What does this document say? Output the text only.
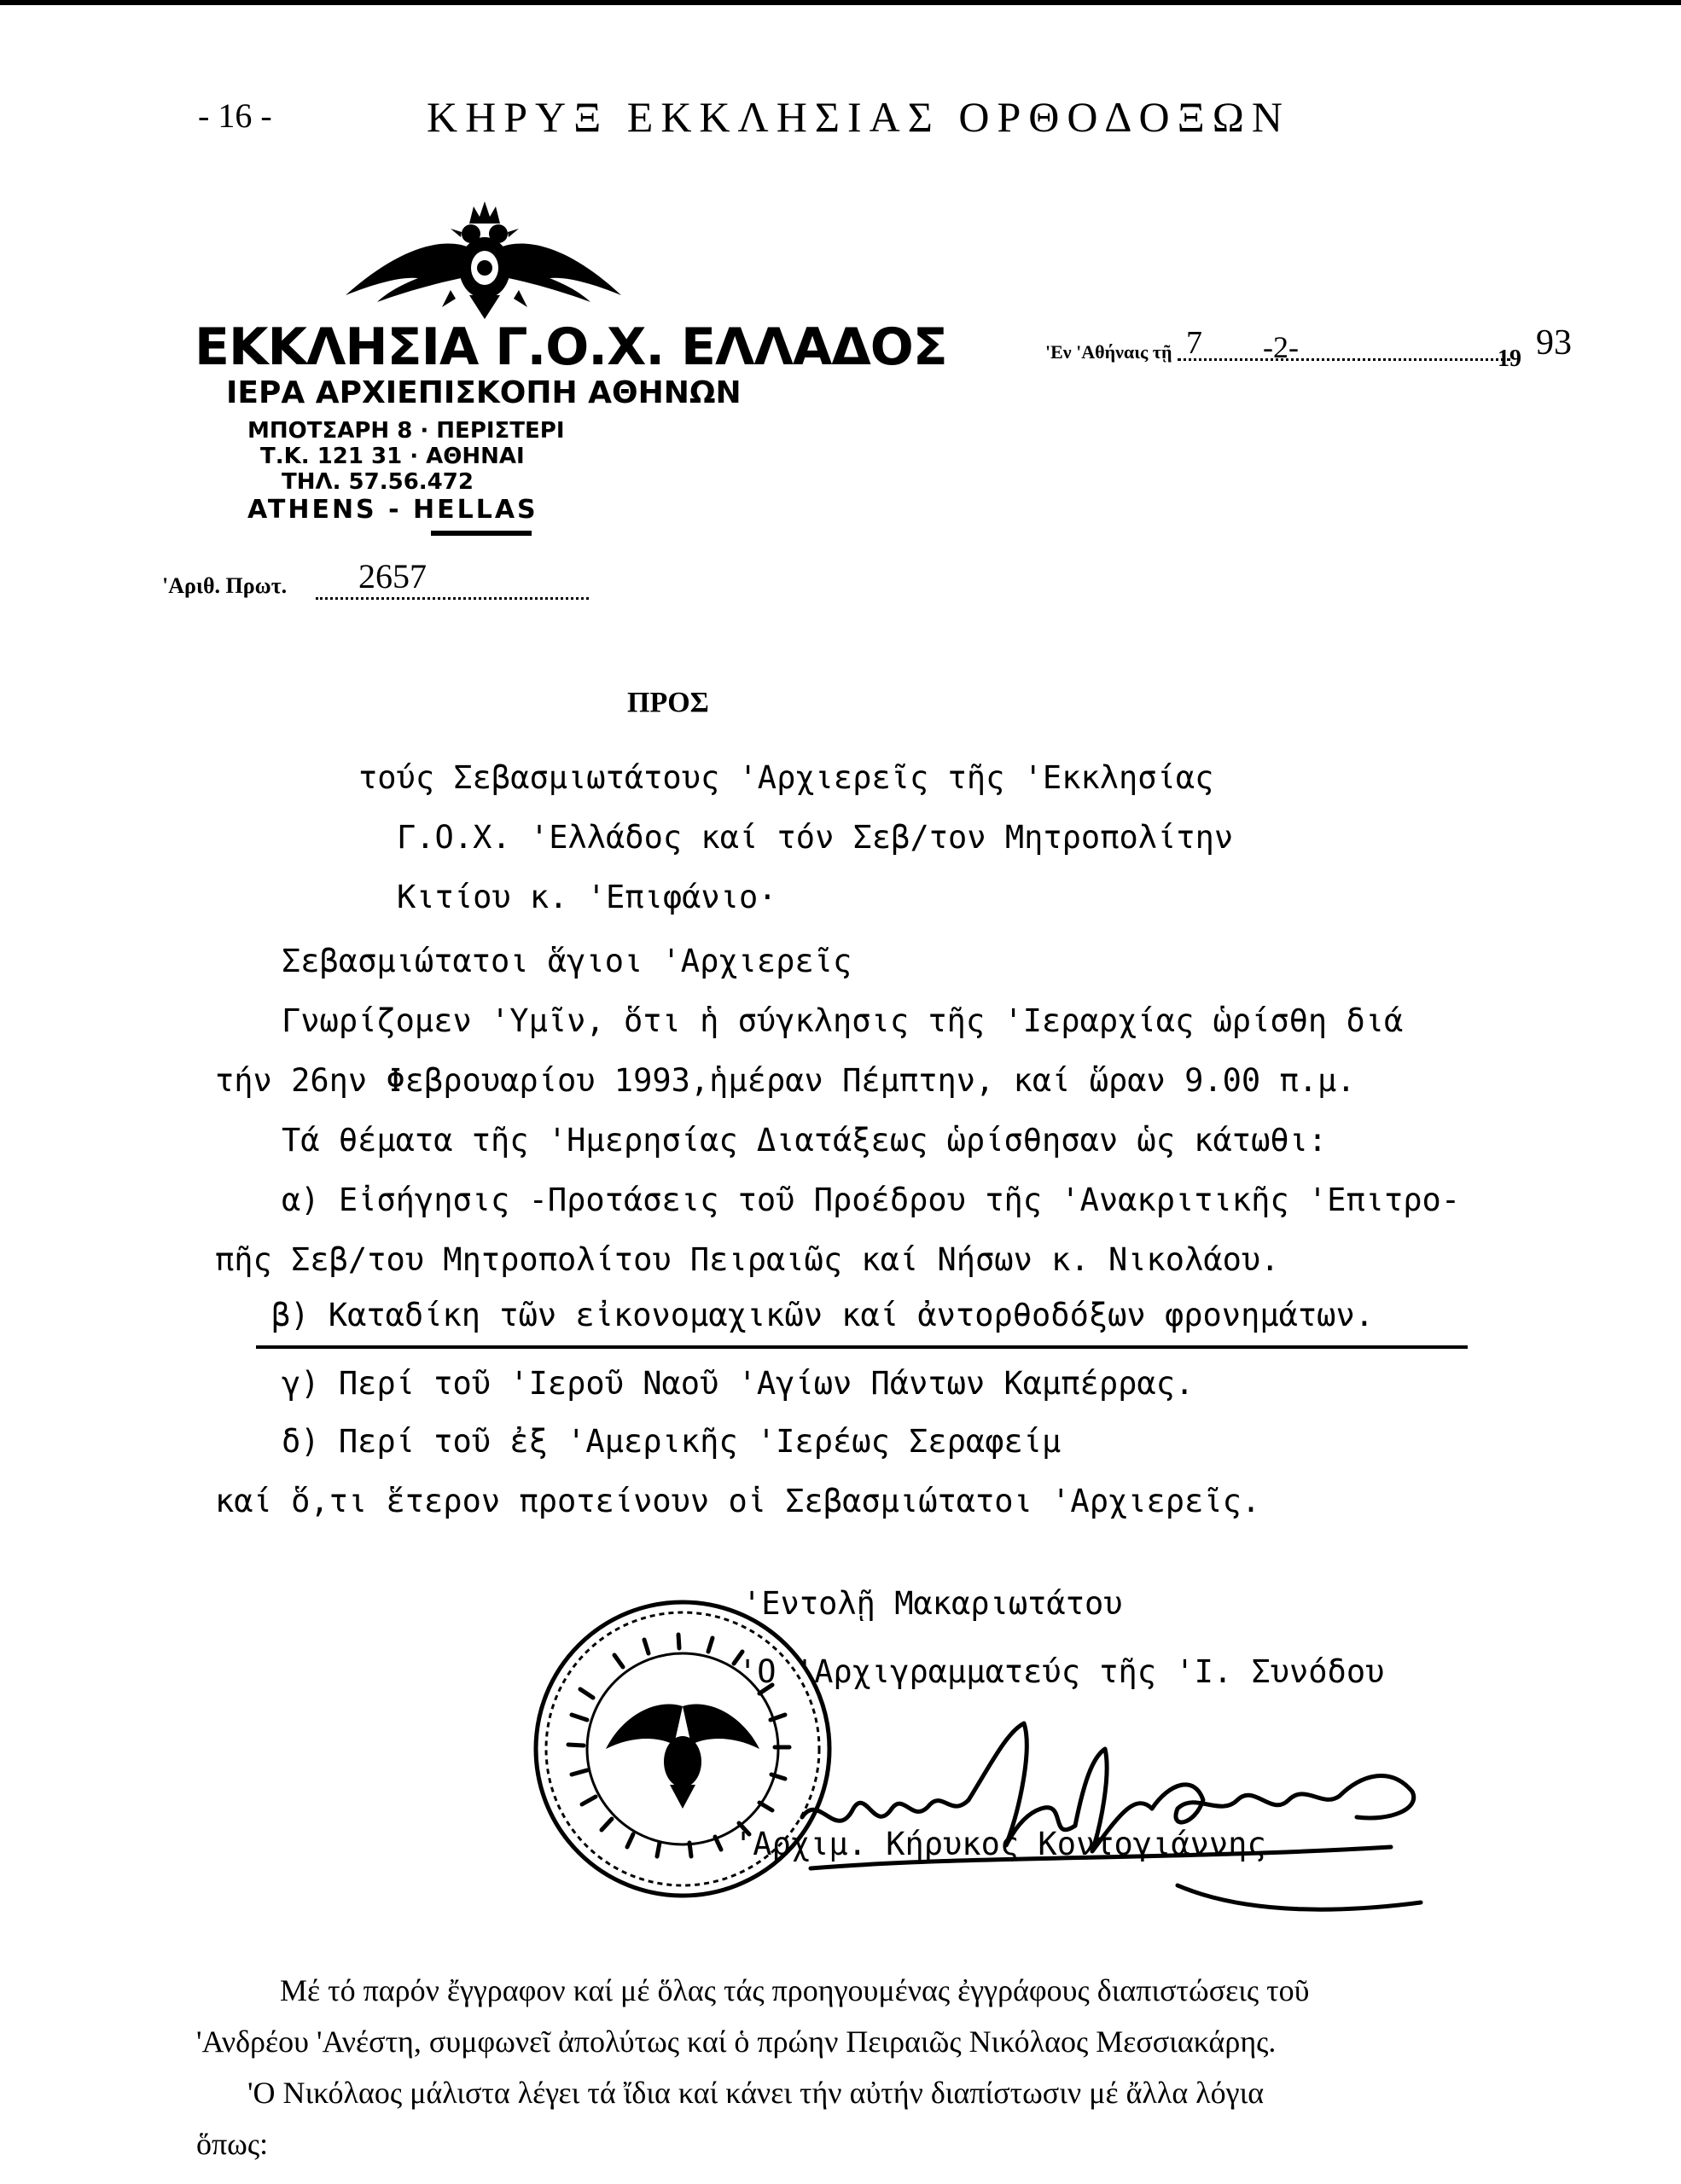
- 16 -	ΚΗΡΥΞ ΕΚΚΛΗΣΙΑΣ ΟΡΘΟΔΟΞΩΝ
ΕΚΚΛΗΣΙΑ Γ.Ο.Χ. ΕΛΛΑΔΟΣ
ΙΕΡΑ ΑΡΧΙΕΠΙΣΚΟΠΗ ΑΘΗΝΩΝ
ΜΠΟΤΣΑΡΗ 8 · ΠΕΡΙΣΤΕΡΙ
Τ.Κ. 121 31 · ΑΘΗΝΑΙ
ΤΗΛ. 57.56.472
ATHENS - HELLAS
'Εν 'Αθήναις τῇ 7 -2-	19 93
'Αριθ. Πρωτ. 2657
ΠΡΟΣ
τούς Σεβασμιωτάτους 'Αρχιερεῖς τῆς 'Εκκλησίας
Γ.Ο.Χ. 'Ελλάδος καί τόν Σεβ/τον Μητροπολίτην
Κιτίου κ. 'Επιφάνιο·
Σεβασμιώτατοι ἅγιοι 'Αρχιερεῖς
Γνωρίζομεν 'Υμῖν, ὅτι ἡ σύγκλησις τῆς 'Ιεραρχίας ὡρίσθη διά
τήν 26ην Φεβρουαρίου 1993,ἡμέραν Πέμπτην, καί ὥραν 9.00 π.μ.
Τά θέματα τῆς 'Ημερησίας Διατάξεως ὡρίσθησαν ὡς κάτωθι:
α) Εἰσήγησις -Προτάσεις τοῦ Προέδρου τῆς 'Ανακριτικῆς 'Επιτρο-
πῆς Σεβ/του Μητροπολίτου Πειραιῶς καί Νήσων κ. Νικολάου.
β) Καταδίκη τῶν εἰκονομαχικῶν καί ἀντορθοδόξων φρονημάτων.
γ) Περί τοῦ 'Ιεροῦ Ναοῦ 'Αγίων Πάντων Καμπέρρας.
δ) Περί τοῦ ἐξ 'Αμερικῆς 'Ιερέως Σεραφείμ
καί ὅ,τι ἕτερον προτείνουν οἱ Σεβασμιώτατοι 'Αρχιερεῖς.
'Εντολῇ Μακαριωτάτου
'Ο 'Αρχιγραμματεύς τῆς 'Ι. Συνόδου
'Αρχιμ. Κήρυκος Κοντογιάννης
Μέ τό παρόν ἔγγραφον καί μέ ὅλας τάς προηγουμένας ἐγγράφους διαπιστώσεις τοῦ
'Ανδρέου 'Ανέστη, συμφωνεῖ ἀπολύτως καί ὁ πρώην Πειραιῶς Νικόλαος Μεσσιακάρης.
'Ο Νικόλαος μάλιστα λέγει τά ἴδια καί κάνει τήν αὐτήν διαπίστωσιν μέ ἄλλα λόγια
ὅπως:
